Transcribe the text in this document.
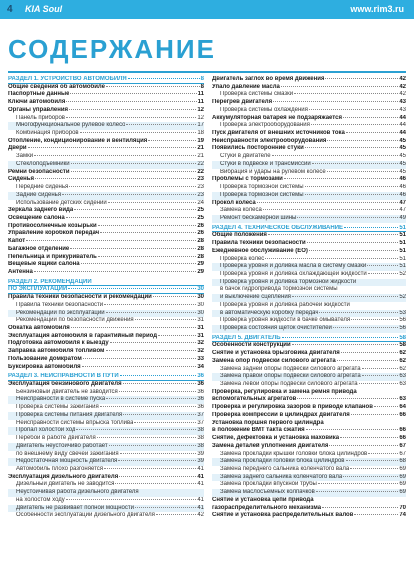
4 KIA Soul	www.rim3.ru
СОДЕРЖАНИЕ
РАЗДЕЛ 1. УСТРОЙСТВО АВТОМОБИЛЯ	8
Общие сведения об автомобиле	8
Паспортные данные	11
Ключи автомобиля	11
Органы управления	12
Панель приборов	12
Многофункциональное рулевое колесо	17
Комбинация приборов	18
Отопление, кондиционирование и вентиляция	19
Двери	21
Замки	21
Стеклоподъемники	22
Ремни безопасности	22
Сиденья	23
Передние сиденья	23
Задние сиденья	23
Использование детских сидений	24
Зеркала заднего вида	25
Освещение салона	25
Противосолнечные козырьки	26
Управление коробкой передач	26
Капот	28
Багажное отделение	28
Пепельница и прикуриватель	28
Вещевые ящики салона	29
Антенна	29
РАЗДЕЛ 2. РЕКОМЕНДАЦИИ
ПО ЭКСПЛУАТАЦИИ	30
Правила техники безопасности и рекомендации	30
Правила техники безопасности	30
Рекомендации по эксплуатации	30
Рекомендации по безопасности движения	31
Обкатка автомобиля	31
Эксплуатация автомобиля в гарантийный период	31
Подготовка автомобиля к выезду	32
Заправка автомобиля топливом	32
Пользование домкратом	33
Буксировка автомобиля	34
РАЗДЕЛ 3. НЕИСПРАВНОСТИ В ПУТИ	36
Эксплуатация бензинового двигателя	36
Бензиновый двигатель не заводится	36
Неисправности в системе пуска	36
Проверка системы зажигания	36
Проверка системы питания двигателя	37
Неисправности системы впрыска топлива	37
Пропал холостой ход	38
Перебои в работе двигателя	38
Двигатель неустойчиво работает	38
по внешнему виду свечей зажигания	39
Недостаточная мощность двигателя	39
Автомобиль плохо разгоняется	41
Эксплуатация дизельного двигателя	41
Дизельный двигатель не заводится	41
Неустойчивая работа дизельного двигателя
на холостом ходу	41
Двигатель не развивает полной мощности	41
Особенности эксплуатации дизельного двигателя	42
Двигатель заглох во время движения	42
Упало давление масла	42
Проверка системы смазки	42
Перегрев двигателя	43
Проверка системы охлаждения	43
Аккумуляторная батарея не подзаряжается	44
Проверка электрооборудования	44
Пуск двигателя от внешних источников тока	44
Неисправности электрооборудования	45
Появились посторонние стуки	45
Стуки в двигателе	45
Стуки в подвеске и трансмиссии	45
Вибрация и удары на рулевом колесе	45
Проблемы с тормозами	46
Проверка тормозной системы	46
Проверка тормозной системы	46
Прокол колеса	47
Замена колеса	47
Ремонт бескамерной шины	49
РАЗДЕЛ 4. ТЕХНИЧЕСКОЕ ОБСЛУЖИВАНИЕ	51
Общие положения	51
Правила техники безопасности	51
Ежедневное обслуживание (ЕО)	51
Проверка колес	51
Проверка уровня и доливка масла в систему смазки	51
Проверка уровня и доливка охлаждающей жидкости	52
Проверка уровня и доливка тормозной жидкости
в бачок гидропривода тормозной системы
и выключение сцепления	52
Проверка уровня и доливка рабочей жидкости
в автоматическую коробку передач	53
Проверка уровня жидкости в бачке омывателя	56
Проверка состояния щеток очистителей	56
РАЗДЕЛ 5. ДВИГАТЕЛЬ	58
Особенности конструкции	58
Снятие и установка брызговика двигателя	62
Замена опор подвески силового агрегата	62
Замена задней опоры подвески силового агрегата	62
Замена правой опоры подвески силового агрегата	63
Замена левой опоры подвески силового агрегата	63
Проверка, регулировка и замена ремня привода
вспомогательных агрегатов	63
Проверка и регулировка зазоров в приводе клапанов	64
Проверка компрессии в цилиндрах двигателя	66
Установка поршня первого цилиндра
в положение ВМТ такта сжатия	66
Снятие, дефектовка и установка маховика	66
Замена деталей уплотнения двигателя	67
Замена прокладки крышки головки блока цилиндров	67
Замена прокладки головки блока цилиндров	68
Замена переднего сальника коленчатого вала	69
Замена заднего сальника коленчатого вала	69
Замена прокладки впускной трубы	69
Замена маслосъемных колпачков	69
Снятие и установка цепи привода
газораспределительного механизма	70
Снятие и установка распределительных валов	74
